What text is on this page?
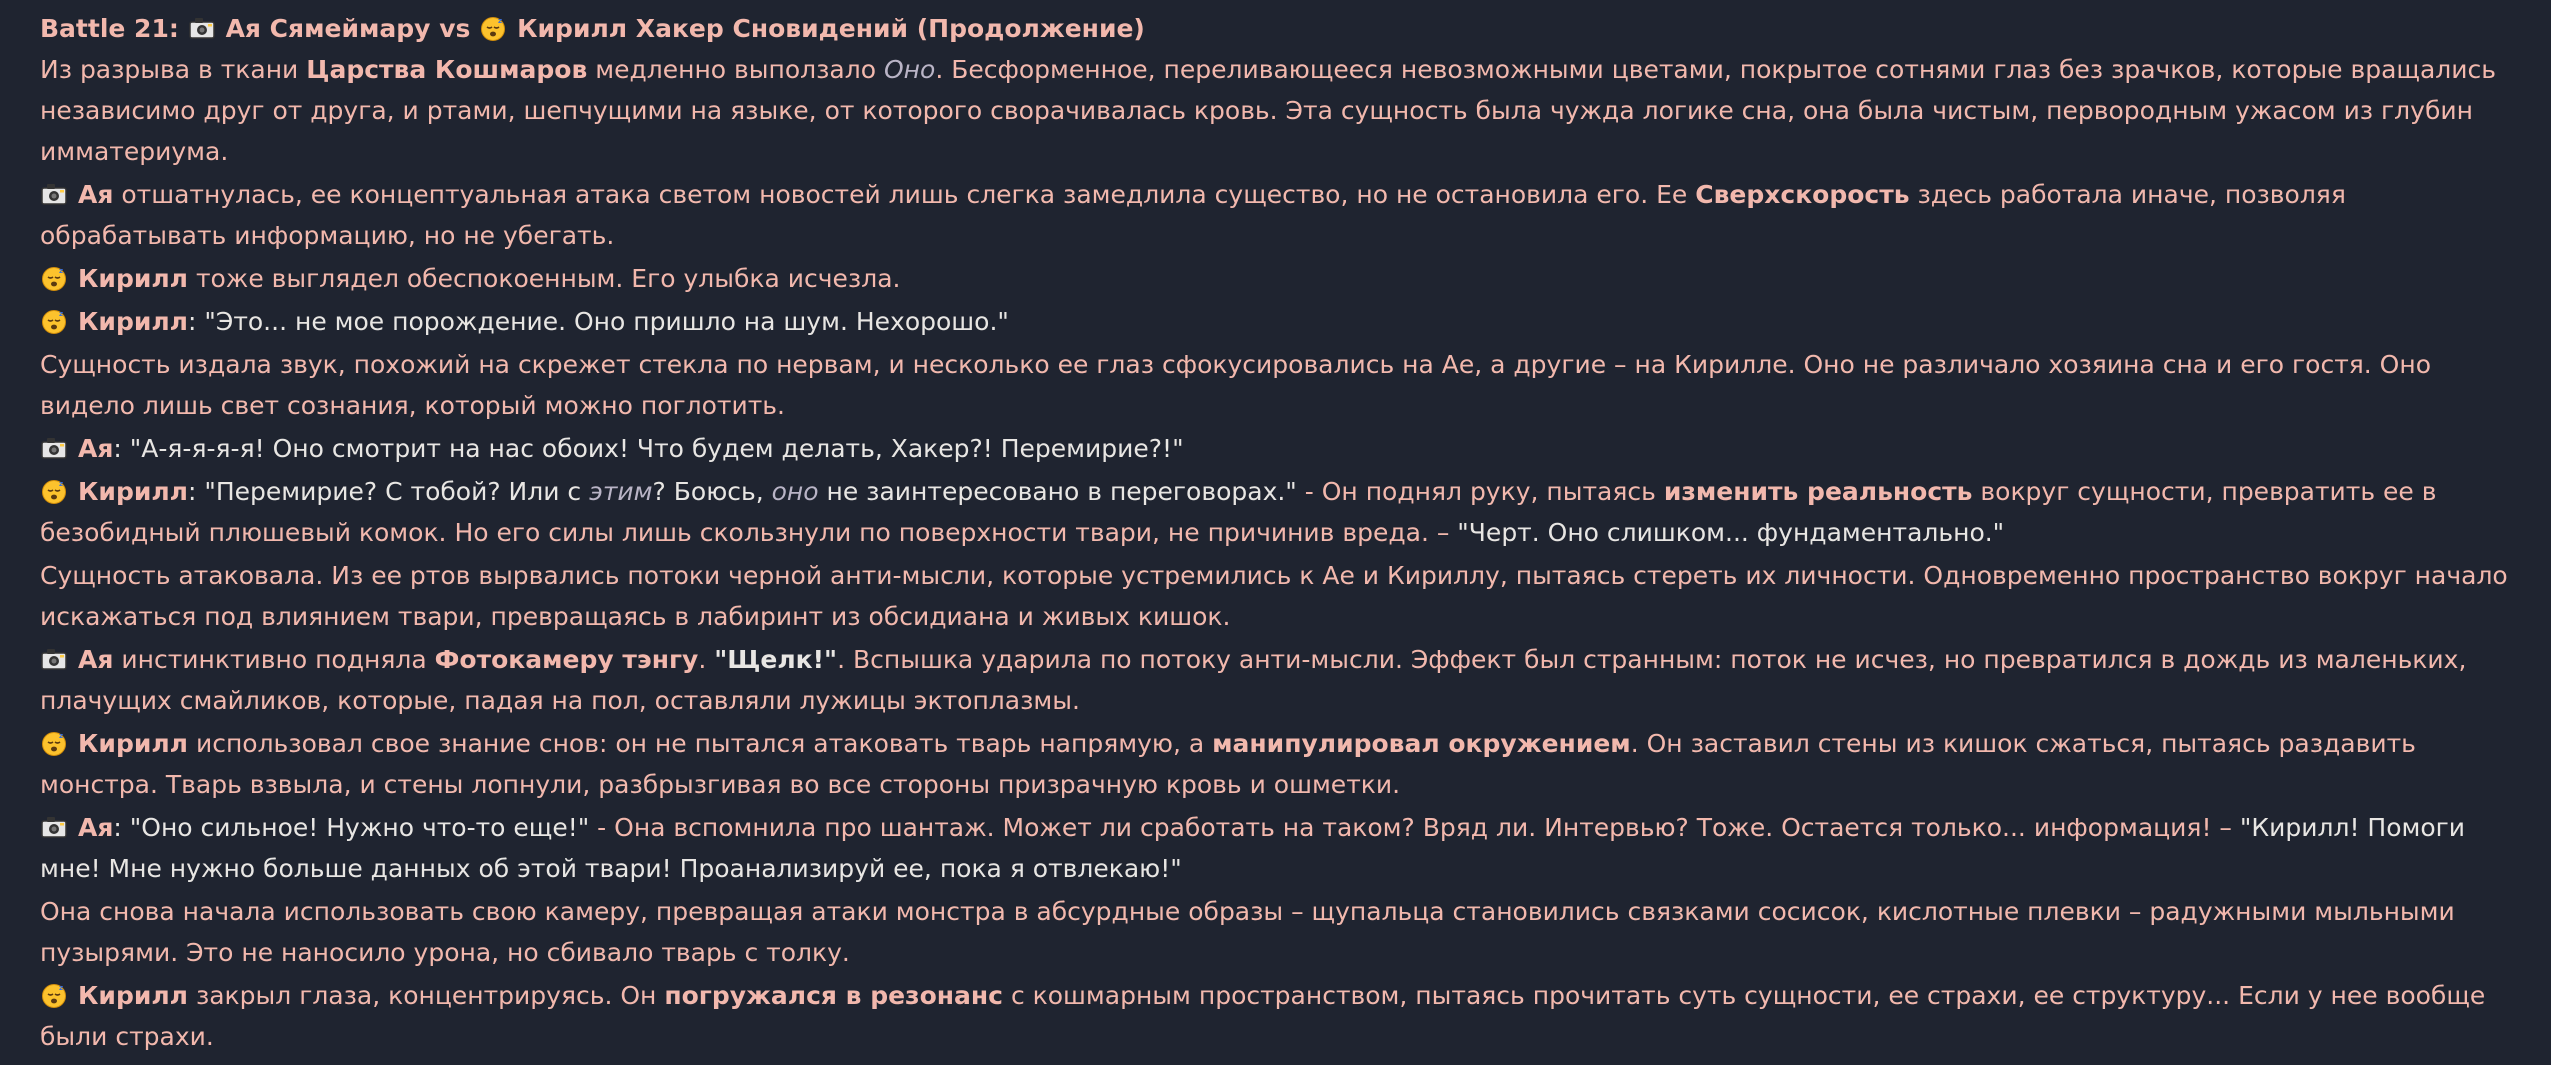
Battle 21: Ая Сямеймару vs	z Кирилл Хакер Сновидений (Продолжение)
Из разрыва в ткани Царства Кошмаров медленно выползало Оно. Бесформенное, переливающееся невозможными цветами, покрытое сотнями глаз без зрачков, которые вращались независимо друг от друга, и ртами, шепчущими на языке, от которого сворачивалась кровь. Эта сущность была чужда логике сна, она была чистым, первородным ужасом из глубин имматериума.
Ая отшатнулась, ее концептуальная атака светом новостей лишь слегка замедлила существо, но не остановила его. Ее Сверхскорость здесь работала иначе, позволяя обрабатывать информацию, но не убегать.
z Кирилл тоже выглядел обеспокоенным. Его улыбка исчезла.
z Кирилл: "Это... не мое порождение. Оно пришло на шум. Нехорошо."
Сущность издала звук, похожий на скрежет стекла по нервам, и несколько ее глаз сфокусировались на Ае, а другие – на Кирилле. Оно не различало хозяина сна и его гостя. Оно видело лишь свет сознания, который можно поглотить.
Ая: "А-я-я-я-я! Оно смотрит на нас обоих! Что будем делать, Хакер?! Перемирие?!"
z Кирилл: "Перемирие? С тобой? Или с этим? Боюсь, оно не заинтересовано в переговорах." - Он поднял руку, пытаясь изменить реальность вокруг сущности, превратить ее в безобидный плюшевый комок. Но его силы лишь скользнули по поверхности твари, не причинив вреда. – "Черт. Оно слишком... фундаментально."
Сущность атаковала. Из ее ртов вырвались потоки черной анти-мысли, которые устремились к Ае и Кириллу, пытаясь стереть их личности. Одновременно пространство вокруг начало искажаться под влиянием твари, превращаясь в лабиринт из обсидиана и живых кишок.
Ая инстинктивно подняла Фотокамеру тэнгу. "Щелк!". Вспышка ударила по потоку анти-мысли. Эффект был странным: поток не исчез, но превратился в дождь из маленьких, плачущих смайликов, которые, падая на пол, оставляли лужицы эктоплазмы.
z Кирилл использовал свое знание снов: он не пытался атаковать тварь напрямую, а манипулировал окружением. Он заставил стены из кишок сжаться, пытаясь раздавить монстра. Тварь взвыла, и стены лопнули, разбрызгивая во все стороны призрачную кровь и ошметки.
Ая: "Оно сильное! Нужно что-то еще!" - Она вспомнила про шантаж. Может ли сработать на таком? Вряд ли. Интервью? Тоже. Остается только... информация! – "Кирилл! Помоги мне! Мне нужно больше данных об этой твари! Проанализируй ее, пока я отвлекаю!"
Она снова начала использовать свою камеру, превращая атаки монстра в абсурдные образы – щупальца становились связками сосисок, кислотные плевки – радужными мыльными пузырями. Это не наносило урона, но сбивало тварь с толку.
z Кирилл закрыл глаза, концентрируясь. Он погружался в резонанс с кошмарным пространством, пытаясь прочитать суть сущности, ее страхи, ее структуру... Если у нее вообще были страхи.
